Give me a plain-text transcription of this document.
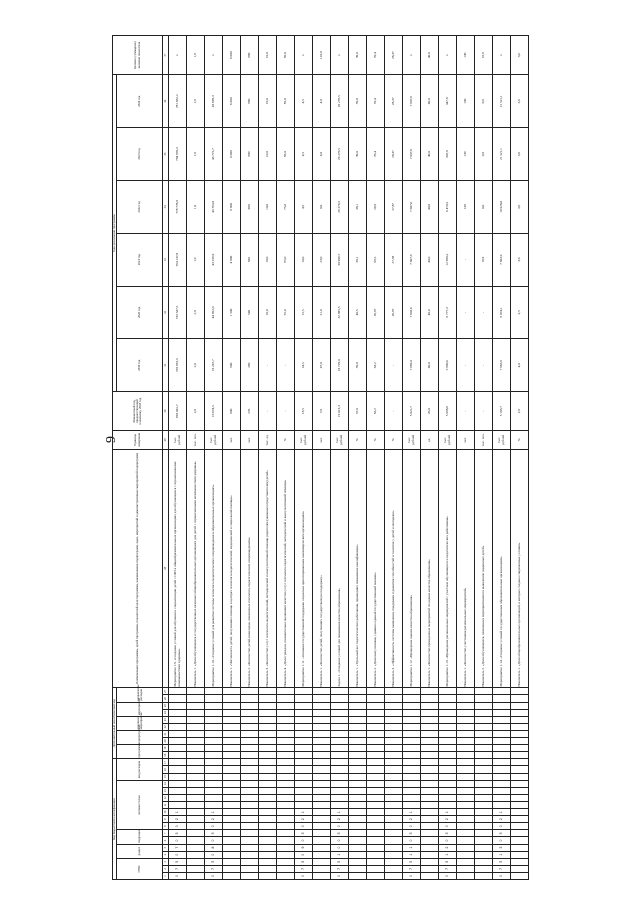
9
Код бюджетной классификации																	Дополнительный аналитический код										Наименование программы, целей программы, показателей цели программы, наименования подпрограмм, задач, мероприятий и административных мероприятий подпрограмм	Единица измерения	Финансовый год, предшествующий плановому, 2018 год	Годы реализации программы						Целевое (суммарное) значение показателя
ГРБС			раздел		подраздел		целевая статья							вид расходов			программа		подпрограмма		основное мероприятие		мероприятие		направление расходов					2019 год	2020 год	2021 год	2022 год	2023 год	2024 год	
1	2	3	4	5	6	7	8	9	10	11	12	13	14	15	16	17	18	19	20	21	22	23	24	25	26	27	28	29	30	31	32	33	34	35	36	37
0	7	5	0	7	0	5	0	2	1																		Мероприятие 1.9. «Создание условий для обучения и социализации детей с ОВЗ в общеобразовательных организациях для обучающихся с ограниченными возможностями здоровья»	тыс. рублей	693 041,7	728 933,3	733 337,5	764 137,8	778 778,8	794 870,3	781 832,2	х
																											Показатель 1. «Доля обучающихся в государственных казенных общеобразовательных организациях для детей с ограниченными возможностями здоровья»	тыс. чел.	2,0	2,0	2,0	1,9	1,9	1,9	1,9	1,9
0	7	5	0	8	0	5	0	2	1																		Мероприятие 1.10. «Создание условий для развития системы психолого-педагогического сопровождения в образовательных организациях»	тыс. рублей	16 674,5	18 247,7	44 852,0	43 256,9	43 763,8	43 772,7	43 699,3	х
																											Показатель 1. «Численность детей, получивших помощь в центрах психолого-педагогической, медицинской и социальной помощи»	чел.	600	900	1 500	4 900	6 900	6 000	6 000	6 000
																											Показатель 2. «Количество детей-инвалидов, охваченных психолого-педагогическим сопровождением»	чел.	235	290	540	500	980	980	980	980
																											Показатель 3. «Количество услуг психолого-педагогической, методической и консультативной помощи родителям (законным представителям) детей»	тыс. ед.	-	-	10,0	10,0	10,0	10,0	10,0	10,0
																											Показатель 4. «Доля граждан, положительно оценивших качество услуг психолого-педагогической, методической и консультативной помощи»	%	-	-	55,0	65,0	75,0	85,0	85,0	85,0
0	7	5	0	9	0	5	0	2	1																		Мероприятие 1.11. «Оказание государственной поддержки социально ориентированным некоммерческим организациям»	тыс. рублей	18,5	24,5	15,5	10,0	4,5	4,5	4,5	х
																											Показатель 1. «Количество детей, получивших государственную поддержку»	чел.	7,0	47,0	21,0	23,0	0,0	4,0	4,0	123,0
0	7	5	1	0	0	5	0	2	1																		Задача 1. «Создание условий для повышения качества образования»	тыс. рублей	19 013,3	23 729,0	32 985,5	30 906,7	29 276,5	29 276,5	29 276,5	х
																											Показатель 1. «Удельный вес педагогических работников, прошедших повышение квалификации»	%	37,0	39,0	40,5	38,1	38,1	39,0	39,0	39,0
																											Показатель 2. «Доля выпускников, сдавших единый государственный экзамен»	%	63,2	63,2	26,97	69,5	26,9	70,4	70,4	70,4
																											Показатель 3. «Эффективность системы выявления, поддержки и развития способностей и талантов у детей и молодежи»	%	-	-	26,97	27,38	27,87	28,37	28,37	28,37
0	7	5	1	1	0	5	0	2	1																		Мероприятие 1.12. «Проведение оценки качества образования»	тыс. рублей	5 821,7	7 669,0	7 603,6	7 607,6	7 607,6	7 607,6	7 607,6	х
																											Показатель 1. «Количество проведенных мероприятий по оценке качества образования»	ед.	20,0	40,0	40,0	40,0	40,0	40,0	40,0	40,0
0	7	5	1	2	0	5	0	2	1																		Мероприятие 1.13. «Проведение региональных мероприятий с участием обучающихся и педагогических работников»	тыс. рублей	5 998,6	5 990,6	6 777,3	12 698,2	6 470,5	347,8	347,8	х
																											Показатель 1. «Количество участников региональных мероприятий»	чел.	-	-	-	-	130	130	130	130
																											Показатель 2. «Доля обучающихся, охваченных мероприятиями по выявлению одаренных детей»	тыс. чел.	-	-	-	16,9	0,0	0,9	0,9	16,9
0	7	5	1	3	0	5	0	2	1																		Мероприятие 1.14. «Создание условий государственным образовательным организациям»	тыс. рублей	5 183,7	7 963,9	6 074,1	7 603,9	10 928,0	21 521,1	21 521,1	х
																											Показатель 1. «Доля общеобразовательных организаций, в которых созданы современные условия»	%	2,8	4,0	3,5	3,6	3,6	3,6	3,6	3,6
